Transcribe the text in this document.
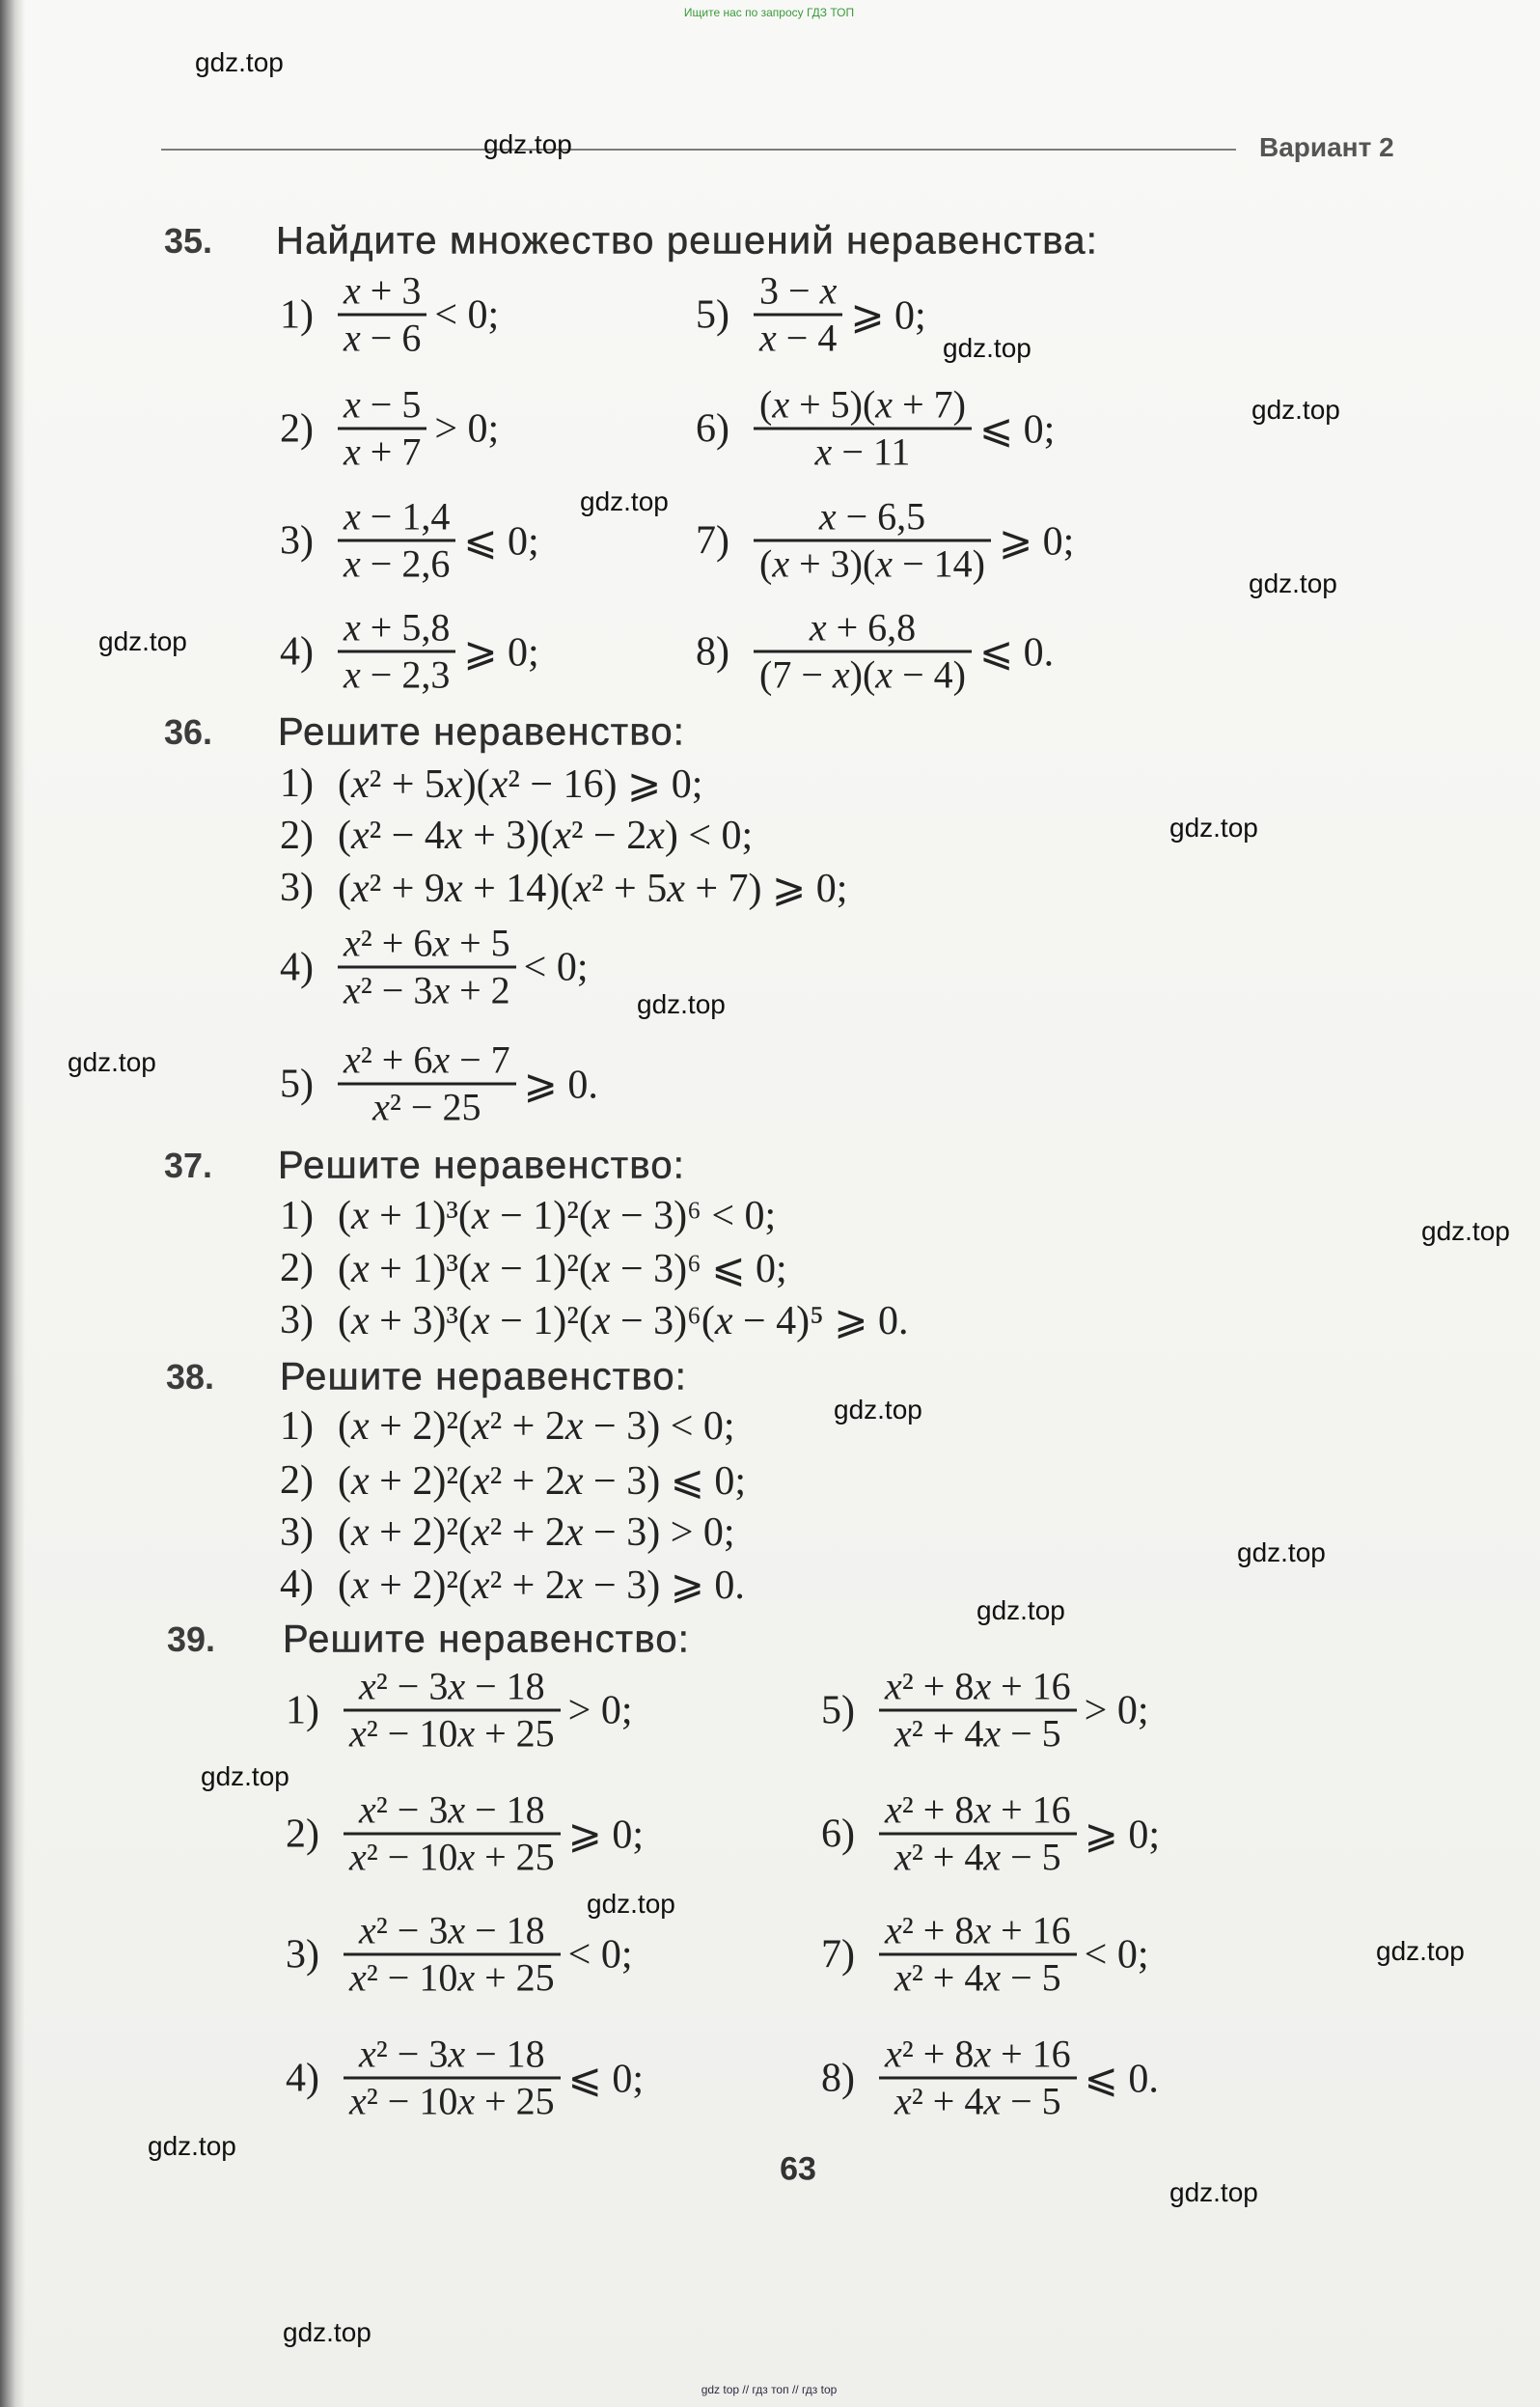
Ищите нас по запросу ГДЗ ТОП
Вариант 2
35. Найдите множество решений неравенства:
$1) \frac{x + 3}{x - 6} < 0$;	$5) \frac{3 - x}{x - 4}$ ⩾ 0;
$2) \frac{x - 5}{x + 7} > 0$;	$6) \frac{(x + 5)(x + 7)}{x - 11}$ ⩽ 0;
$3) \frac{x - 1,4}{x - 2,6}$ ⩽ 0;	$7) \frac{x - 6,5}{(x + 3)(x - 14)}$ ⩾ 0;
$4) \frac{x + 5,8}{x - 2,3}$ ⩾ 0;	$8) \frac{x + 6,8}{(7 - x)(x - 4)}$ ⩽ 0.
36. Решите неравенство:
1) (x² + 5x)(x² − 16) ⩾ 0;
2) (x² − 4x + 3)(x² − 2x) < 0;
3) (x² + 9x + 14)(x² + 5x + 7) ⩾ 0;
$4) \frac{\text{x² + 6x + 5}}{\text{x² − 3x + 2}} < 0$;
$5) \frac{\text{x² + 6x − 7}}{\text{x² − 25}}$ ⩾ 0.
37. Решите неравенство:
1) (x + 1)³(x − 1)²(x − 3)⁶ < 0;
2) (x + 1)³(x − 1)²(x − 3)⁶ ⩽ 0;
3) (x + 3)³(x − 1)²(x − 3)⁶(x − 4)⁵ ⩾ 0.
38. Решите неравенство:
1) (x + 2)²(x² + 2x − 3) < 0;
2) (x + 2)²(x² + 2x − 3) ⩽ 0;
3) (x + 2)²(x² + 2x − 3) > 0;
4) (x + 2)²(x² + 2x − 3) ⩾ 0.
39. Решите неравенство:
$1) \frac{\text{x² − 3x − 18}}{\text{x² − 10x + 25}} > 0$;	$5) \frac{\text{x² + 8x + 16}}{\text{x² + 4x − 5}} > 0$;
$2) \frac{\text{x² − 3x − 18}}{\text{x² − 10x + 25}}$ ⩾ 0;	$6) \frac{\text{x² + 8x + 16}}{\text{x² + 4x − 5}}$ ⩾ 0;
$3) \frac{\text{x² − 3x − 18}}{\text{x² − 10x + 25}} < 0$;	$7) \frac{\text{x² + 8x + 16}}{\text{x² + 4x − 5}} < 0$;
$4) \frac{\text{x² − 3x − 18}}{\text{x² − 10x + 25}}$ ⩽ 0;	$8) \frac{\text{x² + 8x + 16}}{\text{x² + 4x − 5}}$ ⩽ 0.
63
gdz top // гдз топ // гдз top
gdz.top
gdz.top
gdz.top
gdz.top
gdz.top
gdz.top
gdz.top
gdz.top
gdz.top
gdz.top
gdz.top
gdz.top
gdz.top
gdz.top
gdz.top
gdz.top
gdz.top
gdz.top
gdz.top
gdz.top
